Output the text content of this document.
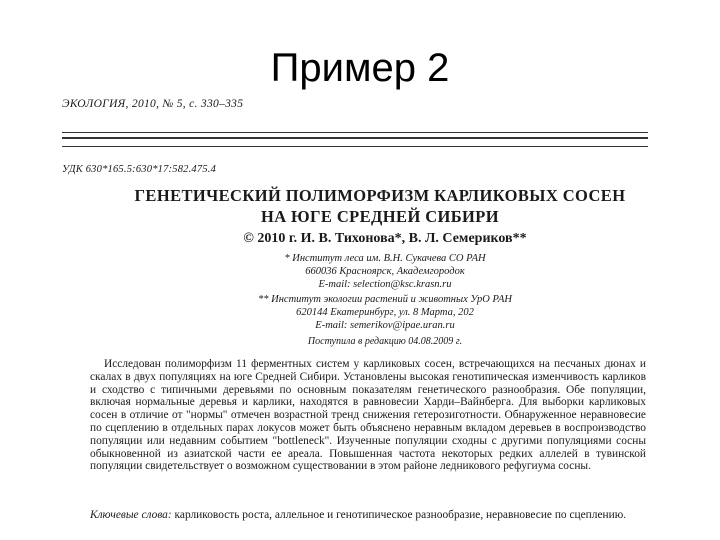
Пример 2
ЭКОЛОГИЯ, 2010, № 5, с. 330–335
УДК 630*165.5:630*17:582.475.4
ГЕНЕТИЧЕСКИЙ ПОЛИМОРФИЗМ КАРЛИКОВЫХ СОСЕН
НА ЮГЕ СРЕДНЕЙ СИБИРИ
© 2010 г. И. В. Тихонова*, В. Л. Семериков**
* Институт леса им. В.Н. Сукачева СО РАН
660036 Красноярск, Академгородок
E-mail: selection@ksc.krasn.ru
** Институт экологии растений и животных УрО РАН
620144 Екатеринбург, ул. 8 Марта, 202
E-mail: semerikov@ipae.uran.ru
Поступила в редакцию 04.08.2009 г.
Исследован полиморфизм 11 ферментных систем у карликовых сосен, встречающихся на песчаных дюнах и скалах в двух популяциях на юге Средней Сибири. Установлены высокая генотипическая изменчивость карликов и сходство с типичными деревьями по основным показателям генетического разнообразия. Обе популяции, включая нормальные деревья и карлики, находятся в равновесии Харди–Вайнберга. Для выборки карликовых сосен в отличие от "нормы" отмечен возрастной тренд снижения гетерозиготности. Обнаруженное неравновесие по сцеплению в отдельных парах локусов может быть объяснено неравным вкладом деревьев в воспроизводство популяции или недавним событием "bottleneck". Изученные популяции сходны с другими популяциями сосны обыкновенной из азиатской части ее ареала. Повышенная частота некоторых редких аллелей в тувинской популяции свидетельствует о возможном существовании в этом районе ледникового рефугиума сосны.
Ключевые слова: карликовость роста, аллельное и генотипическое разнообразие, неравновесие по сцеплению.
